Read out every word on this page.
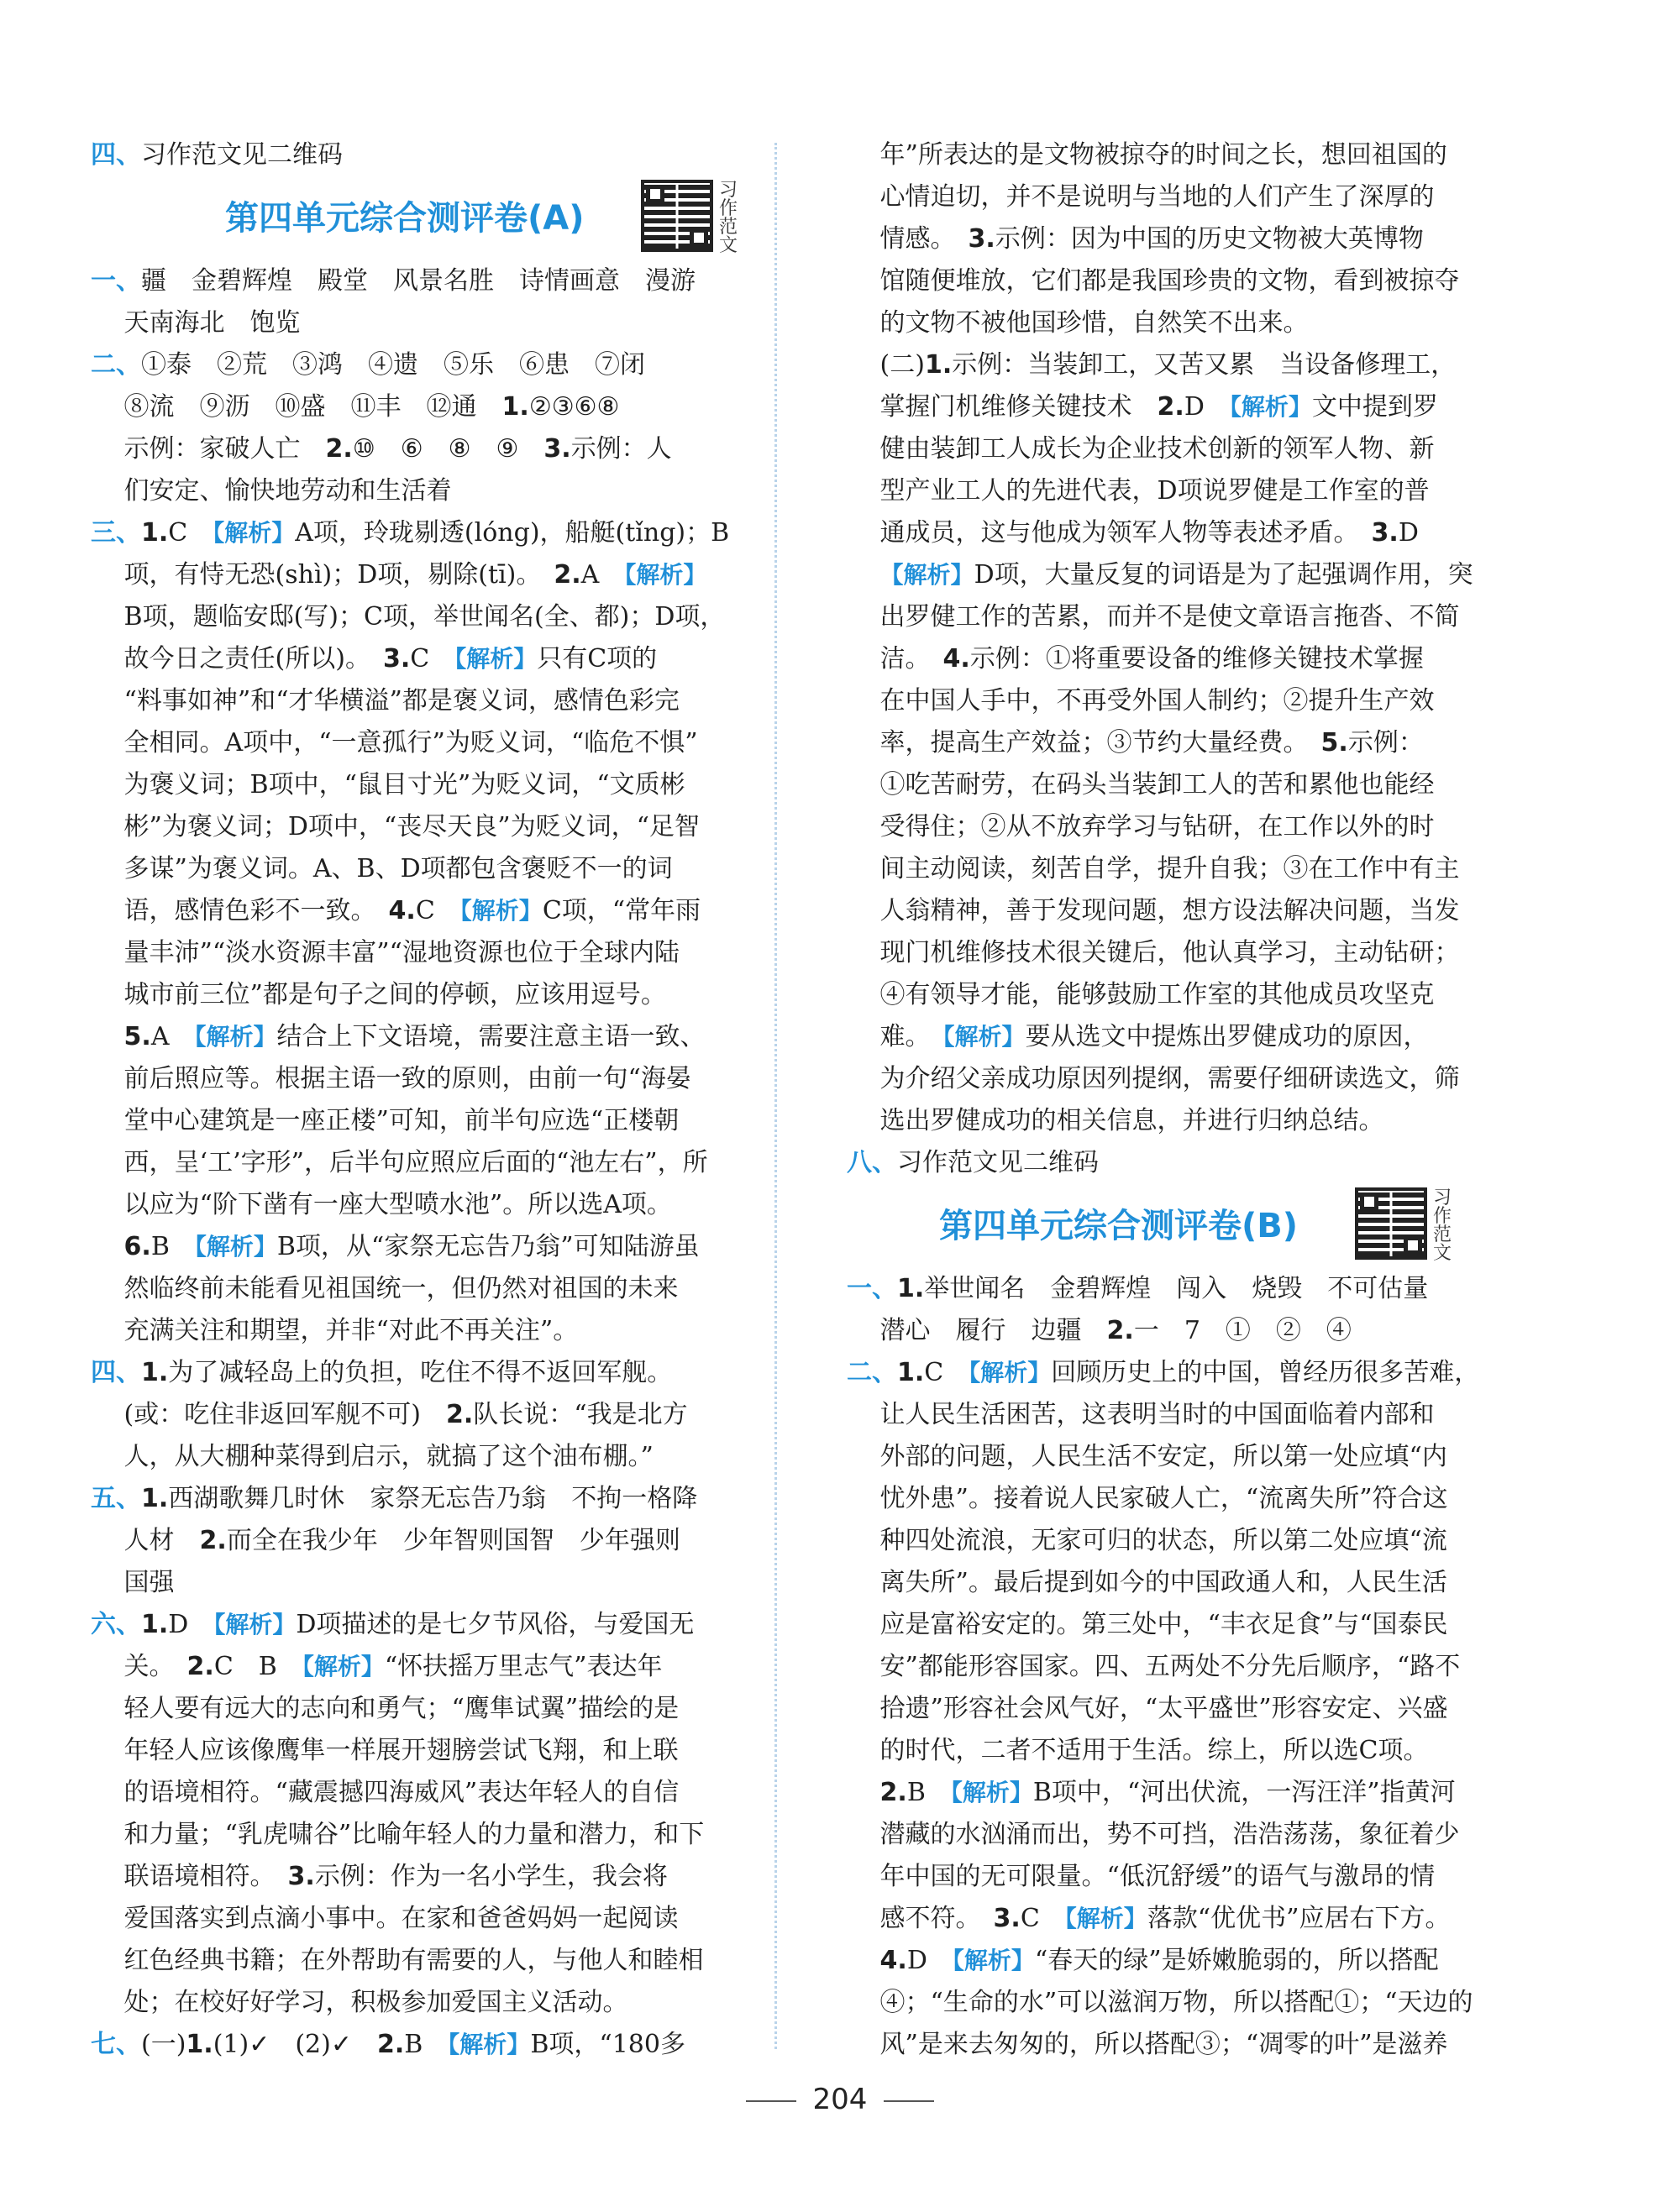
四、习作范文见二维码

第四单元综合测评卷(A)
习作范文

一、疆　金碧辉煌　殿堂　风景名胜　诗情画意　漫游

　 天南海北　饱览

二、①泰　②荒　③鸿　④遗　⑤乐　⑥患　⑦闭

　 ⑧流　⑨沥　⑩盛　⑪丰　⑫通　1.②③⑥⑧

　 示例：家破人亡　2.⑩　⑥　⑧　⑨　3.示例：人

　 们安定、愉快地劳动和生活着

三、1.C　【解析】A项，玲珑剔透(lóng)，船艇(tǐng)；B

　 项，有恃无恐(shì)；D项，剔除(tī)。　2.A　【解析】

　 B项，题临安邸(写)；C项，举世闻名(全、都)；D项，

　 故今日之责任(所以)。　3.C　【解析】只有C项的

　 “料事如神”和“才华横溢”都是褒义词，感情色彩完

　 全相同。A项中，“一意孤行”为贬义词，“临危不惧”

　 为褒义词；B项中，“鼠目寸光”为贬义词，“文质彬

　 彬”为褒义词；D项中，“丧尽天良”为贬义词，“足智

　 多谋”为褒义词。A、B、D项都包含褒贬不一的词

　 语，感情色彩不一致。　4.C　【解析】C项，“常年雨

　 量丰沛”“淡水资源丰富”“湿地资源也位于全球内陆

　 城市前三位”都是句子之间的停顿，应该用逗号。

　 5.A　【解析】结合上下文语境，需要注意主语一致、

　 前后照应等。根据主语一致的原则，由前一句“海晏

　 堂中心建筑是一座正楼”可知，前半句应选“正楼朝

　 西，呈‘工’字形”，后半句应照应后面的“池左右”，所

　 以应为“阶下凿有一座大型喷水池”。所以选A项。

　 6.B　【解析】B项，从“家祭无忘告乃翁”可知陆游虽

　 然临终前未能看见祖国统一，但仍然对祖国的未来

　 充满关注和期望，并非“对此不再关注”。

四、1.为了减轻岛上的负担，吃住不得不返回军舰。

　 (或：吃住非返回军舰不可)　2.队长说：“我是北方

　 人，从大棚种菜得到启示，就搞了这个油布棚。”

五、1.西湖歌舞几时休　家祭无忘告乃翁　不拘一格降

　 人材　2.而全在我少年　少年智则国智　少年强则

　 国强

六、1.D　【解析】D项描述的是七夕节风俗，与爱国无

　 关。　2.C　B　【解析】“怀扶摇万里志气”表达年

　 轻人要有远大的志向和勇气；“鹰隼试翼”描绘的是

　 年轻人应该像鹰隼一样展开翅膀尝试飞翔，和上联

　 的语境相符。“藏震撼四海威风”表达年轻人的自信

　 和力量；“乳虎啸谷”比喻年轻人的力量和潜力，和下

　 联语境相符。　3.示例：作为一名小学生，我会将

　 爱国落实到点滴小事中。在家和爸爸妈妈一起阅读

　 红色经典书籍；在外帮助有需要的人，与他人和睦相

　 处；在校好好学习，积极参加爱国主义活动。

七、(一)1.(1)✓　(2)✓　2.B　【解析】B项，“180多

　 年”所表达的是文物被掠夺的时间之长，想回祖国的

　 心情迫切，并不是说明与当地的人们产生了深厚的

　 情感。　3.示例：因为中国的历史文物被大英博物

　 馆随便堆放，它们都是我国珍贵的文物，看到被掠夺

　 的文物不被他国珍惜，自然笑不出来。

　 (二)1.示例：当装卸工，又苦又累　当设备修理工，

　 掌握门机维修关键技术　2.D　【解析】文中提到罗

　 健由装卸工人成长为企业技术创新的领军人物、新

　 型产业工人的先进代表，D项说罗健是工作室的普

　 通成员，这与他成为领军人物等表述矛盾。　3.D

　 【解析】D项，大量反复的词语是为了起强调作用，突

　 出罗健工作的苦累，而并不是使文章语言拖沓、不简

　 洁。　4.示例：①将重要设备的维修关键技术掌握

　 在中国人手中，不再受外国人制约；②提升生产效

　 率，提高生产效益；③节约大量经费。　5.示例：

　 ①吃苦耐劳，在码头当装卸工人的苦和累他也能经

　 受得住；②从不放弃学习与钻研，在工作以外的时

　 间主动阅读，刻苦自学，提升自我；③在工作中有主

　 人翁精神，善于发现问题，想方设法解决问题，当发

　 现门机维修技术很关键后，他认真学习，主动钻研；

　 ④有领导才能，能够鼓励工作室的其他成员攻坚克

　 难。　【解析】要从选文中提炼出罗健成功的原因，

　 为介绍父亲成功原因列提纲，需要仔细研读选文，筛

　 选出罗健成功的相关信息，并进行归纳总结。

八、习作范文见二维码

第四单元综合测评卷(B)
习作范文

一、1.举世闻名　金碧辉煌　闯入　烧毁　不可估量

　 潜心　履行　边疆　2.一　7　①　②　④

二、1.C　【解析】回顾历史上的中国，曾经历很多苦难，

　 让人民生活困苦，这表明当时的中国面临着内部和

　 外部的问题，人民生活不安定，所以第一处应填“内

　 忧外患”。接着说人民家破人亡，“流离失所”符合这

　 种四处流浪，无家可归的状态，所以第二处应填“流

　 离失所”。最后提到如今的中国政通人和，人民生活

　 应是富裕安定的。第三处中，“丰衣足食”与“国泰民

　 安”都能形容国家。四、五两处不分先后顺序，“路不

　 拾遗”形容社会风气好，“太平盛世”形容安定、兴盛

　 的时代，二者不适用于生活。综上，所以选C项。

　 2.B　【解析】B项中，“河出伏流，一泻汪洋”指黄河

　 潜藏的水汹涌而出，势不可挡，浩浩荡荡，象征着少

　 年中国的无可限量。“低沉舒缓”的语气与激昂的情

　 感不符。　3.C　【解析】落款“优优书”应居右下方。

　 4.D　【解析】“春天的绿”是娇嫩脆弱的，所以搭配

　 ④；“生命的水”可以滋润万物，所以搭配①；“天边的

　 风”是来去匆匆的，所以搭配③；“凋零的叶”是滋养

204
